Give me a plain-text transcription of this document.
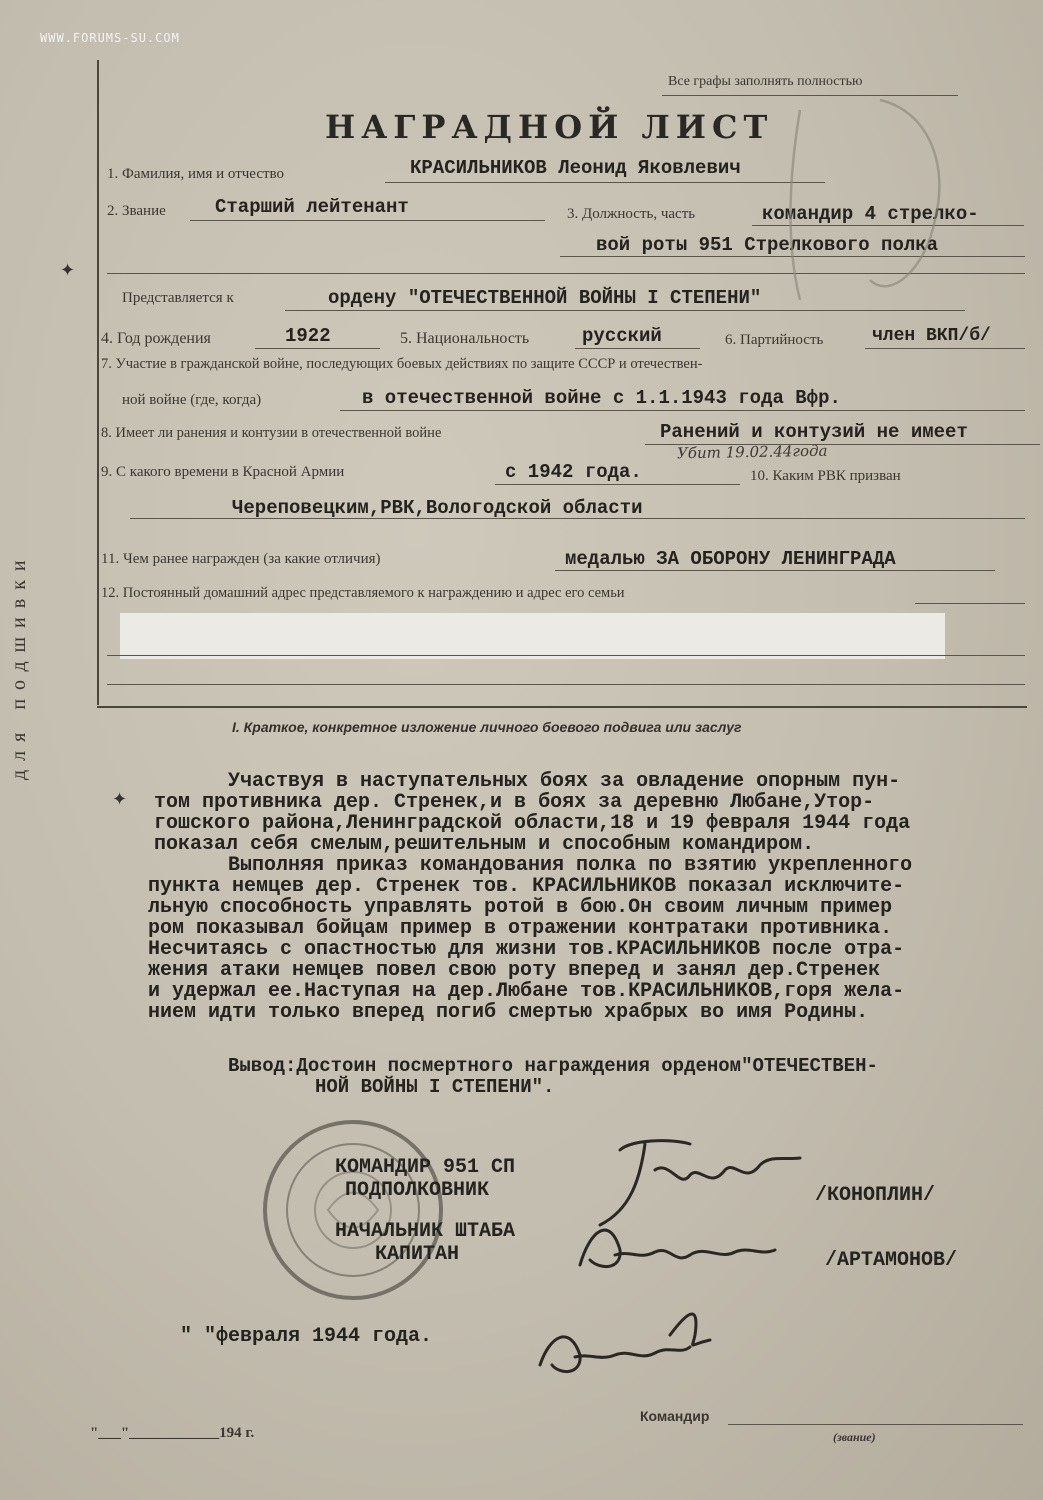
WWW.FORUMS-SU.COM
Все графы заполнять полностью
для подшивки
✦
✦
НАГРАДНОЙ ЛИСТ
1. Фамилия, имя и отчество	КРАСИЛЬНИКОВ Леонид Яковлевич
2. Звание	Старший лейтенант	3. Должность, часть	командир 4 стрелко-
вой роты 951 Стрелкового полка
Представляется к	ордену "ОТЕЧЕСТВЕННОЙ ВОЙНЫ I СТЕПЕНИ"
4. Год рождения	1922	5. Национальность	русский	6. Партийность	член ВКП/б/
7. Участие в гражданской войне, последующих боевых действиях по защите СССР и отечествен-
ной войне (где, когда)	в отечественной войне с 1.1.1943 года Вфр.
8. Имеет ли ранения и контузии в отечественной войне	Ранений и контузий не имеет
Убит 19.02.44года
9. С какого времени в Красной Армии	с 1942 года.	10. Каким РВК призван
Череповецким,РВК,Вологодской области
11. Чем ранее награжден (за какие отличия)	медалью ЗА ОБОРОНУ ЛЕНИНГРАДА
12. Постоянный домашний адрес представляемого к награждению и адрес его семьи
I. Краткое, конкретное изложение личного боевого подвига или заслуг
Участвуя в наступательных боях за овладение опорным пун-
том противника дер. Стренек,и в боях за деревню Любане,Утор-
гошского района,Ленинградской области,18 и 19 февраля 1944 года
показал себя смелым,решительным и способным командиром.
Выполняя приказ командования полка по взятию укрепленного
пункта немцев дер. Стренек тов. КРАСИЛЬНИКОВ показал исключите-
льную способность управлять ротой в бою.Он своим личным пример
ром показывал бойцам пример в отражении контратаки противника.
Несчитаясь с опастностью для жизни тов.КРАСИЛЬНИКОВ после отра-
жения атаки немцев повел свою роту вперед и занял дер.Стренек
и удержал ее.Наступая на дер.Любане тов.КРАСИЛЬНИКОВ,горя жела-
нием идти только вперед погиб смертью храбрых во имя Родины.
Вывод:Достоин посмертного награждения орденом"ОТЕЧЕСТВЕН-
НОЙ ВОЙНЫ I СТЕПЕНИ".
КОМАНДИР 951 СП
ПОДПОЛКОВНИК
НАЧАЛЬНИК ШТАБА
КАПИТАН
/КОНОПЛИН/
/АРТАМОНОВ/
" "февраля 1944 года.
"___"____________194 г.
Командир
(звание)
